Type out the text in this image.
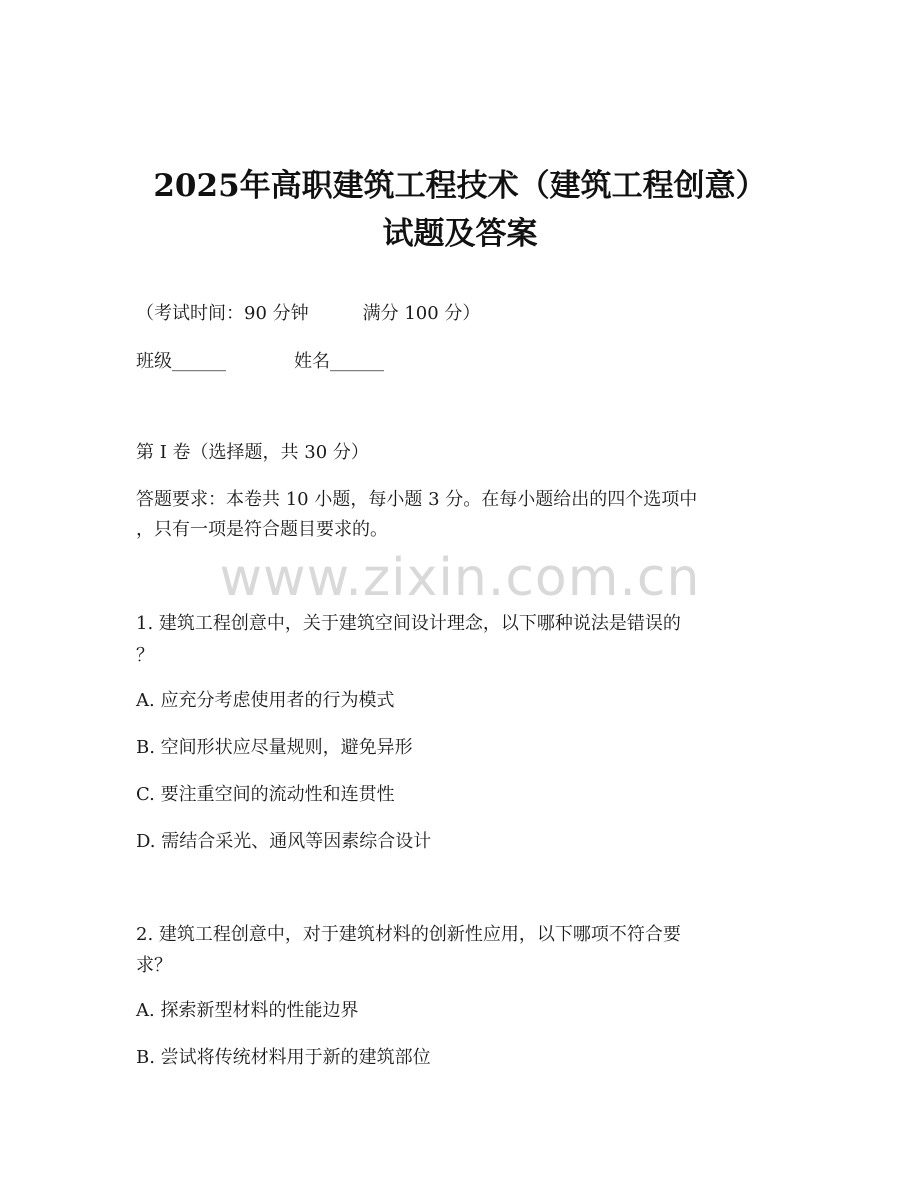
2025年高职建筑工程技术（建筑工程创意）
试题及答案
（考试时间：90 分钟　　　满分 100 分）
班级______	姓名______
第 I 卷（选择题，共 30 分）
答题要求：本卷共 10 小题，每小题 3 分。在每小题给出的四个选项中
，只有一项是符合题目要求的。
www.zixin.com.cn
1. 建筑工程创意中，关于建筑空间设计理念，以下哪种说法是错误的
？
A. 应充分考虑使用者的行为模式
B. 空间形状应尽量规则，避免异形
C. 要注重空间的流动性和连贯性
D. 需结合采光、通风等因素综合设计
2. 建筑工程创意中，对于建筑材料的创新性应用，以下哪项不符合要
求？
A. 探索新型材料的性能边界
B. 尝试将传统材料用于新的建筑部位
